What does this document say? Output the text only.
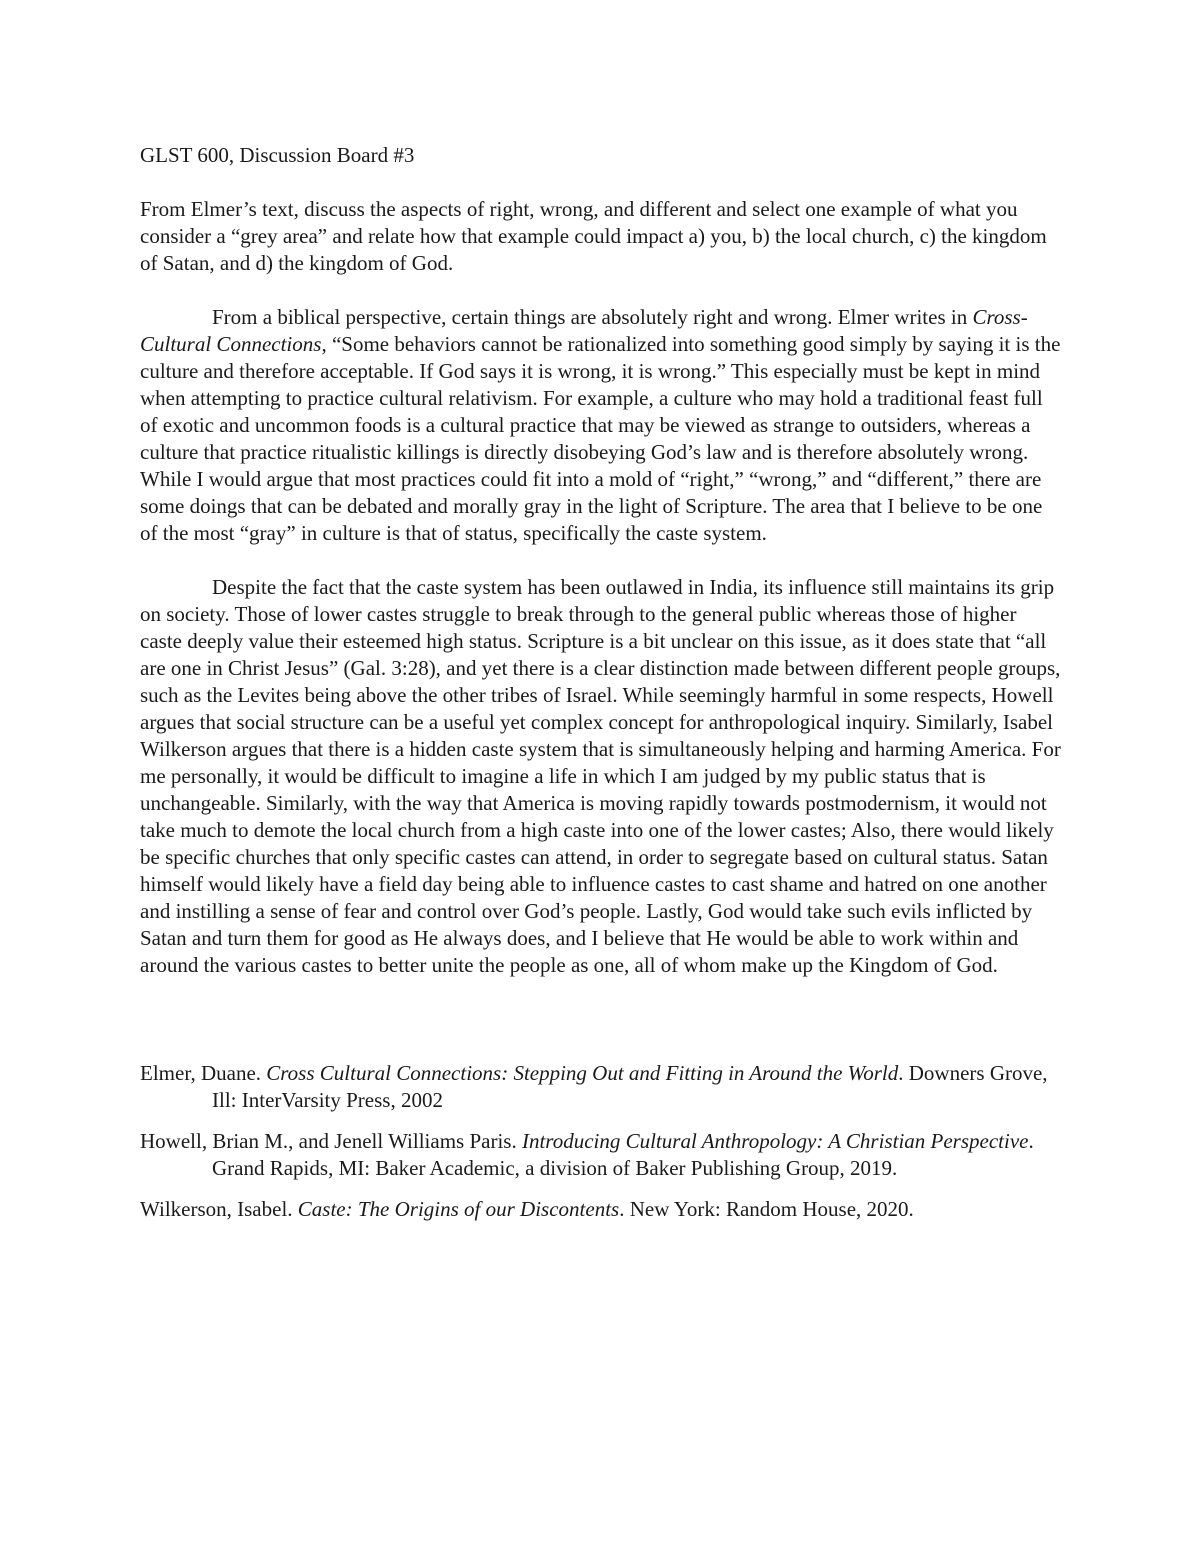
GLST 600, Discussion Board #3

From Elmer’s text, discuss the aspects of right, wrong, and different and select one example of what you consider a “grey area” and relate how that example could impact a) you, b) the local church, c) the kingdom of Satan, and d) the kingdom of God.

From a biblical perspective, certain things are absolutely right and wrong. Elmer writes in Cross-Cultural Connections, “Some behaviors cannot be rationalized into something good simply by saying it is the culture and therefore acceptable. If God says it is wrong, it is wrong.” This especially must be kept in mind when attempting to practice cultural relativism. For example, a culture who may hold a traditional feast full of exotic and uncommon foods is a cultural practice that may be viewed as strange to outsiders, whereas a culture that practice ritualistic killings is directly disobeying God’s law and is therefore absolutely wrong. While I would argue that most practices could fit into a mold of “right,” “wrong,” and “different,” there are some doings that can be debated and morally gray in the light of Scripture. The area that I believe to be one of the most “gray” in culture is that of status, specifically the caste system.

Despite the fact that the caste system has been outlawed in India, its influence still maintains its grip on society. Those of lower castes struggle to break through to the general public whereas those of higher caste deeply value their esteemed high status. Scripture is a bit unclear on this issue, as it does state that “all are one in Christ Jesus” (Gal. 3:28), and yet there is a clear distinction made between different people groups, such as the Levites being above the other tribes of Israel. While seemingly harmful in some respects, Howell argues that social structure can be a useful yet complex concept for anthropological inquiry. Similarly, Isabel Wilkerson argues that there is a hidden caste system that is simultaneously helping and harming America. For me personally, it would be difficult to imagine a life in which I am judged by my public status that is unchangeable. Similarly, with the way that America is moving rapidly towards postmodernism, it would not take much to demote the local church from a high caste into one of the lower castes; Also, there would likely be specific churches that only specific castes can attend, in order to segregate based on cultural status. Satan himself would likely have a field day being able to influence castes to cast shame and hatred on one another and instilling a sense of fear and control over God’s people. Lastly, God would take such evils inflicted by Satan and turn them for good as He always does, and I believe that He would be able to work within and around the various castes to better unite the people as one, all of whom make up the Kingdom of God.

Elmer, Duane. Cross Cultural Connections: Stepping Out and Fitting in Around the World. Downers Grove, Ill: InterVarsity Press, 2002

Howell, Brian M., and Jenell Williams Paris. Introducing Cultural Anthropology: A Christian Perspective. Grand Rapids, MI: Baker Academic, a division of Baker Publishing Group, 2019.

Wilkerson, Isabel. Caste: The Origins of our Discontents. New York: Random House, 2020.
